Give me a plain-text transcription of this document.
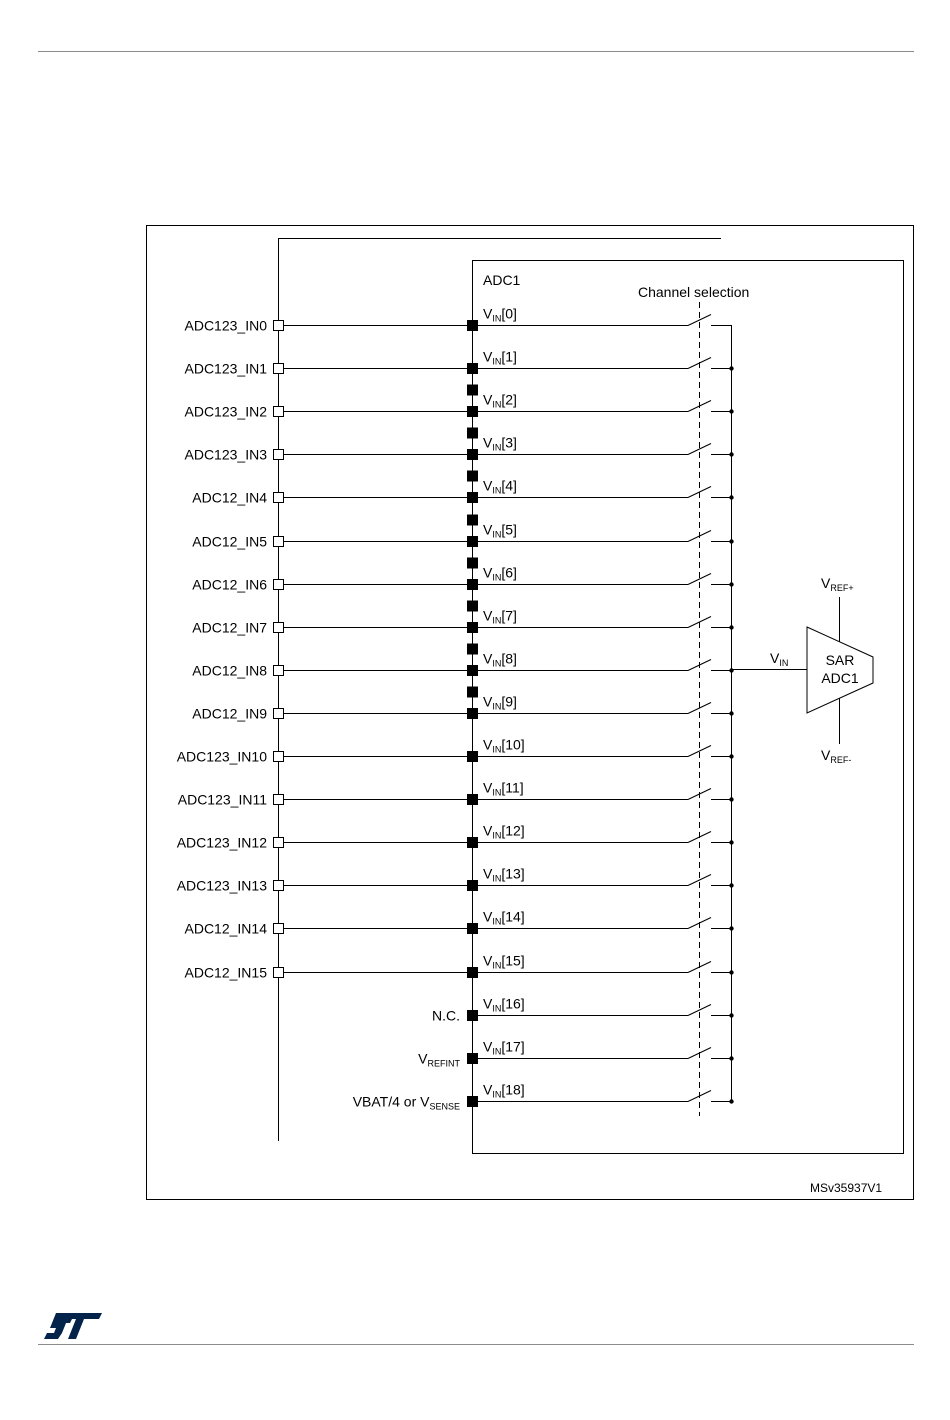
$V_{IN}[0]$
ADC123_IN0
$V_{IN}[1]$
ADC123_IN1
$V_{IN}[2]$
ADC123_IN2
$V_{IN}[3]$
ADC123_IN3
$V_{IN}[4]$
ADC12_IN4
$V_{IN}[5]$
ADC12_IN5
$V_{IN}[6]$
ADC12_IN6
$V_{IN}[7]$
ADC12_IN7
$V_{IN}[8]$
ADC12_IN8
$V_{IN}[9]$
ADC12_IN9
$V_{IN}[10]$
ADC123_IN10
$V_{IN}[11]$
ADC123_IN11
$V_{IN}[12]$
ADC123_IN12
$V_{IN}[13]$
ADC123_IN13
$V_{IN}[14]$
ADC12_IN14
$V_{IN}[15]$
ADC12_IN15
$V_{IN}[16]$
N.C.
$V_{IN}[17]$
$V_{REFINT}$
$V_{IN}[18]$
VBAT/4 or $V_{SENSE}$
ADC1
Channel selection
MSv35937V1
$V_{IN}$	SAR
ADC1
$V_{REF+}$
$V_{REF-}$
